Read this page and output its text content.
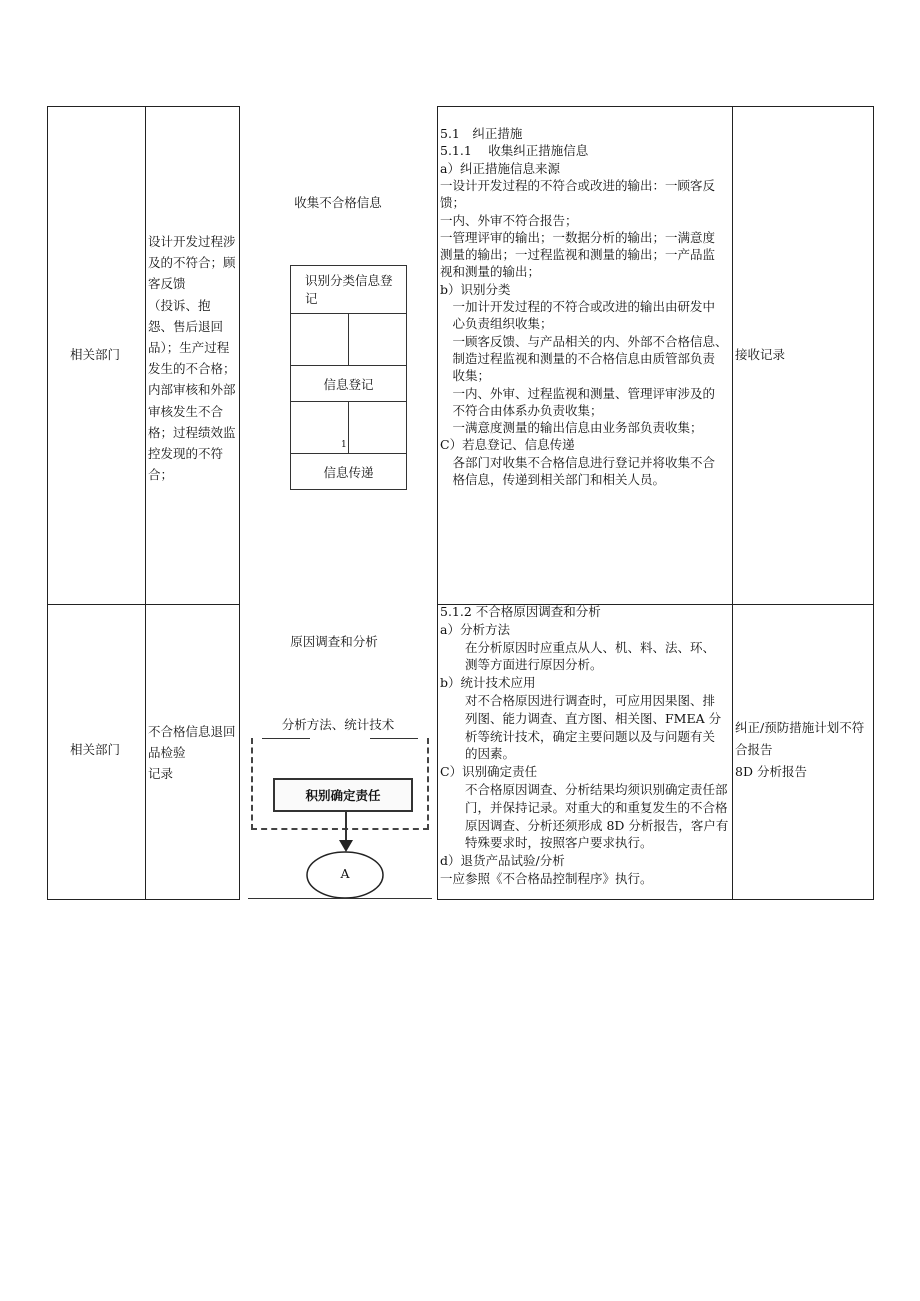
相关部门
设计开发过程涉
及的不符合；顾
客反馈
（投诉、抱
怨、售后退回
品）；生产过程
发生的不合格；
内部审核和外部
审核发生不合
格；过程绩效监
控发现的不符
合；
收集不合格信息
识别分类信息登记
信息登记
1
信息传递
5.1　纠正措施
5.1.1　 收集纠正措施信息
a）纠正措施信息来源
一设计开发过程的不符合或改进的输出：一顾客反
馈；
一内、外审不符合报告；
一管理评审的输出；一数据分析的输出；一满意度
测量的输出；一过程监视和测量的输出；一产品监
视和测量的输出；
b）识别分类
　一加计开发过程的不符合或改进的输出由研发中
　心负责组织收集；
　一顾客反馈、与产品相关的内、外部不合格信息、
　制造过程监视和测量的不合格信息由质管部负责
　收集；
　一内、外审、过程监视和测量、管理评审涉及的
　不符合由体系办负责收集；
　一满意度测量的输出信息由业务部负责收集；
C）若息登记、信息传递
　各部门对收集不合格信息进行登记并将收集不合
　格信息，传递到相关部门和相关人员。
接收记录
相关部门
不合格信息退回
品检验
记录
原因调查和分析
分析方法、统计技术
积别确定责任
A
5.1.2 不合格原因调查和分析
a）分析方法
　　在分析原因时应重点从人、机、料、法、环、
　　测等方面进行原因分析。
b）统计技术应用
　　对不合格原因进行调查时，可应用因果图、排
　　列图、能力调查、直方图、相关图、FMEA 分
　　析等统计技术，确定主要问题以及与问题有关
　　的因素。
C）识别确定责任
　　不合格原因调查、分析结果均须识别确定责任部
　　门，并保持记录。对重大的和重复发生的不合格
　　原因调查、分析还须形成 8D 分析报告，客户有
　　特殊要求时，按照客户要求执行。
d）退货产品试验/分析
一应参照《不合格品控制程序》执行。
纠正/预防措施计划不符
合报告
8D 分析报告
